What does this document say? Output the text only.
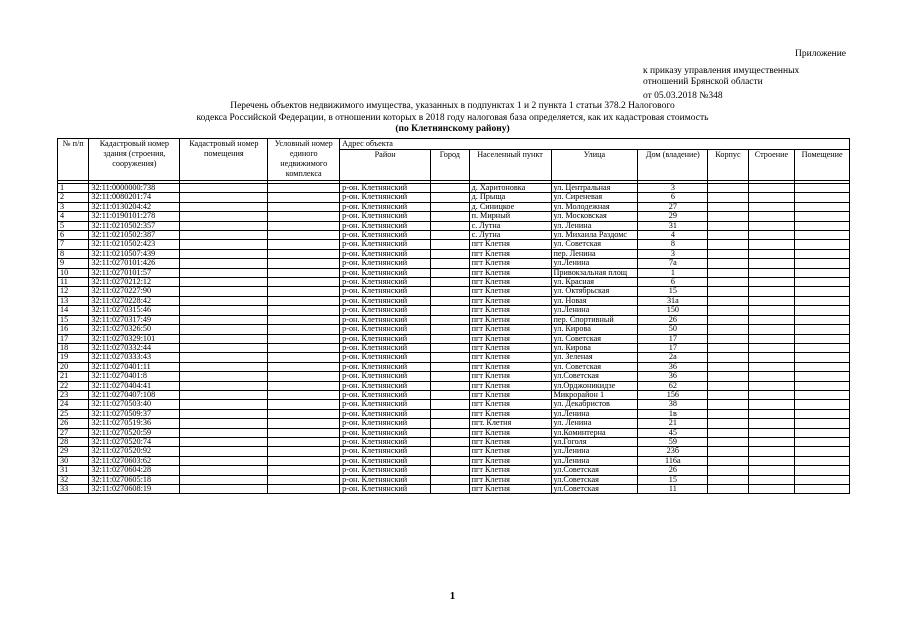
Приложение
к приказу управления имущественных
отношений Брянской области
от 05.03.2018 №348
Перечень объектов недвижимого имущества, указанных в подпунктах 1 и 2 пункта 1 статьи 378.2 Налогового
кодекса Российской Федерации, в отношении которых в 2018 году налоговая база определяется, как их кадастровая стоимость
(по Клетнянскому району)
№ п/п	Кадастровый номер здания (строения, сооружения)	Кадастровый номер помещения	Условный номер единого недвижимого комплекса	Адрес объекта							
				Район	Город	Населенный пункт	Улица	Дом (владение)	Корпус	Строение	Помещение

1	32:11:0000000:738			р-он. Клетнянский		д. Харитоновка	ул. Центральная	3			
2	32:11:0080201:74			р-он. Клетнянский		д. Прыща	ул. Сиреневая	6			
3	32:11:0130204:42			р-он. Клетнянский		д. Синицкое	ул. Молодежная	27			
4	32:11:0190101:278			р-он. Клетнянский		п. Мирный	ул. Московская	29			
5	32:11:0210502:357			р-он. Клетнянский		с. Лутна	ул. Ленина	31			
6	32:11:0210502:387			р-он. Клетнянский		с. Лутна	ул. Михаила Раздомс	4			
7	32:11:0210502:423			р-он. Клетнянский		пгт Клетня	ул. Советская	8			
8	32:11:0210507:439			р-он. Клетнянский		пгт Клетня	пер. Ленина	3			
9	32:11:0270101:426			р-он. Клетнянский		пгт Клетня	ул.Ленина	7а			
10	32:11:0270101:57			р-он. Клетнянский		пгт Клетня	Привокзальная площ	1			
11	32:11:0270212:12			р-он. Клетнянский		пгт Клетня	ул. Красная	6			
12	32:11:0270227:90			р-он. Клетнянский		пгт Клетня	ул. Октябрьская	15			
13	32:11:0270228:42			р-он. Клетнянский		пгт Клетня	ул. Новая	31а			
14	32:11:0270315:46			р-он. Клетнянский		пгт Клетня	ул.Ленина	150			
15	32:11:0270317:49			р-он. Клетнянский		пгт Клетня	пер. Спортивный	26			
16	32:11:0270326:50			р-он. Клетнянский		пгт Клетня	ул. Кирова	50			
17	32:11:0270329:101			р-он. Клетнянский		пгт Клетня	ул. Советская	17			
18	32:11:0270332:44			р-он. Клетнянский		пгт Клетня	ул. Кирова	17			
19	32:11:0270333:43			р-он. Клетнянский		пгт Клетня	ул. Зеленая	2а			
20	32:11:0270401:11			р-он. Клетнянский		пгт Клетня	ул. Советская	36			
21	32:11:0270401:8			р-он. Клетнянский		пгт Клетня	ул.Советская	36			
22	32:11:0270404:41			р-он. Клетнянский		пгт Клетня	ул.Орджоникидзе	62			
23	32:11:0270407:108			р-он. Клетнянский		пгт Клетня	Микрорайон 1	156			
24	32:11:0270503:40			р-он. Клетнянский		пгт Клетня	ул. Декабристов	38			
25	32:11:0270509:37			р-он. Клетнянский		пгт Клетня	ул.Ленина	1в			
26	32:11:0270519:36			р-он. Клетнянский		пгт. Клетня	ул. Ленина	21			
27	32:11:0270520:59			р-он. Клетнянский		пгт Клетня	ул.Коминтерна	45			
28	32:11:0270520:74			р-он. Клетнянский		пгт Клетня	ул.Гоголя	59			
29	32:11:0270520:92			р-он. Клетнянский		пгт Клетня	ул.Ленина	23б			
30	32:11:0270603:62			р-он. Клетнянский		пгт Клетня	ул.Ленина	116а			
31	32:11:0270604:28			р-он. Клетнянский		пгт Клетня	ул.Советская	26			
32	32:11:0270605:18			р-он. Клетнянский		пгт Клетня	ул.Советская	15			
33	32:11:0270608:19			р-он. Клетнянский		пгт Клетня	ул.Советская	11			
1
